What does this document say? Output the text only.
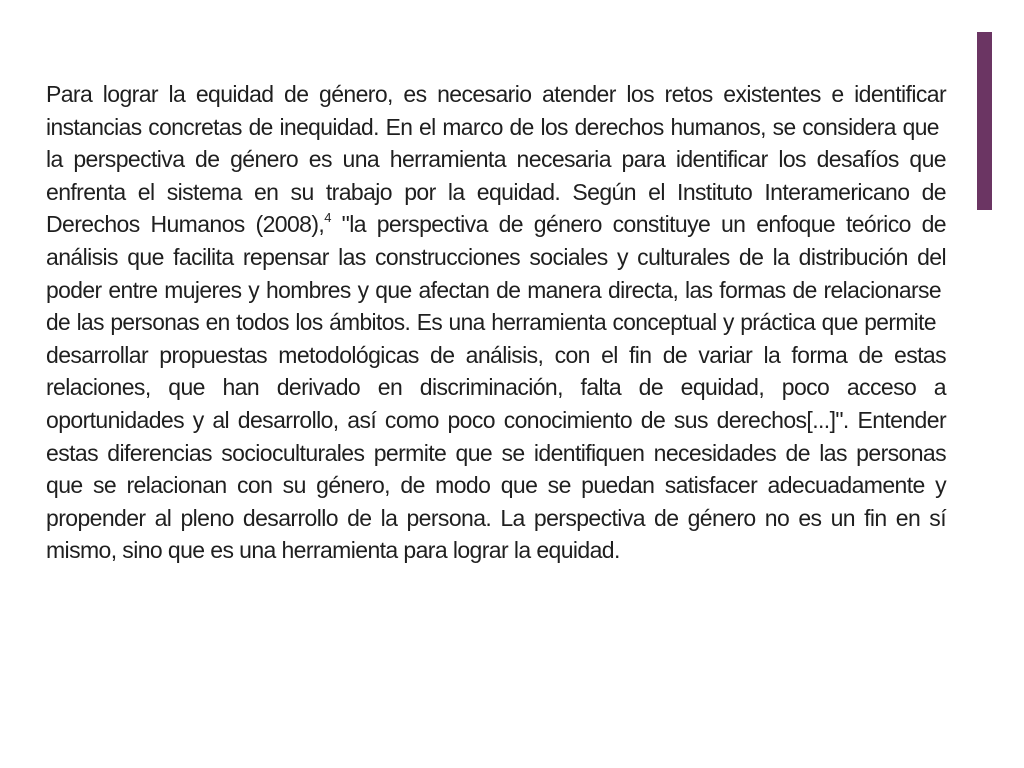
Para lograr la equidad de género, es necesario atender los retos existentes e identificar
instancias concretas de inequidad. En el marco de los derechos humanos, se considera que
la perspectiva de género es una herramienta necesaria para identificar los desafíos que
enfrenta el sistema en su trabajo por la equidad. Según el Instituto Interamericano de
Derechos Humanos (2008),$^4$ "la perspectiva de género constituye un enfoque teórico de
análisis que facilita repensar las construcciones sociales y culturales de la distribución del
poder entre mujeres y hombres y que afectan de manera directa, las formas de relacionarse
de las personas en todos los ámbitos. Es una herramienta conceptual y práctica que permite
desarrollar propuestas metodológicas de análisis, con el fin de variar la forma de estas
relaciones, que han derivado en discriminación, falta de equidad, poco acceso a
oportunidades y al desarrollo, así como poco conocimiento de sus derechos[...]". Entender
estas diferencias socioculturales permite que se identifiquen necesidades de las personas
que se relacionan con su género, de modo que se puedan satisfacer adecuadamente y
propender al pleno desarrollo de la persona. La perspectiva de género no es un fin en sí
mismo, sino que es una herramienta para lograr la equidad.
